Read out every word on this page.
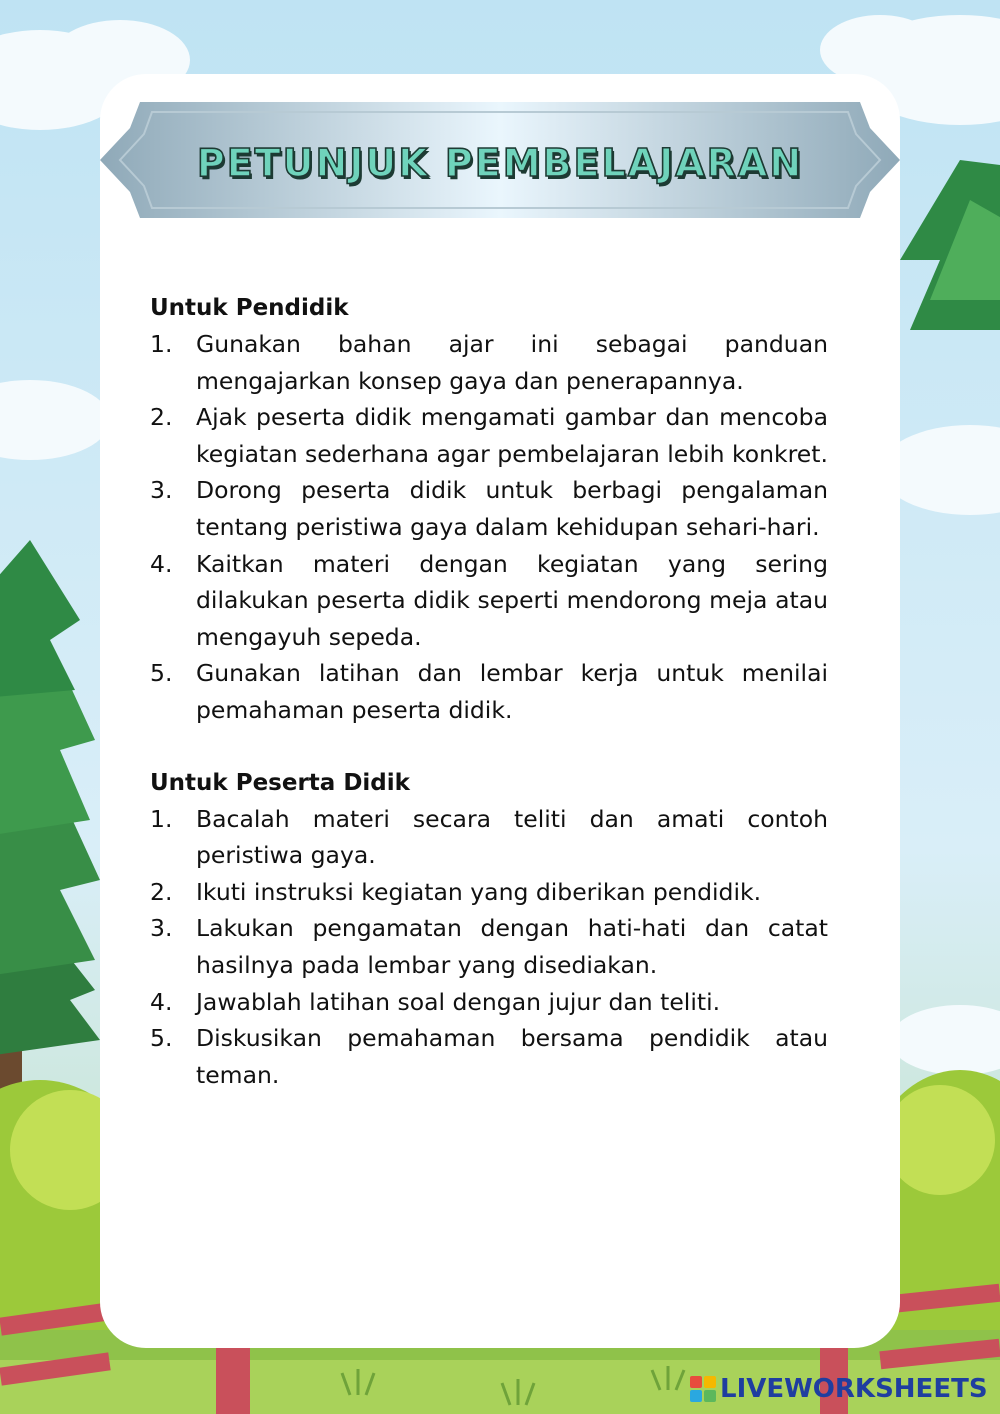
PETUNJUK PEMBELAJARAN

Untuk Pendidik

1.	Gunakan bahan ajar ini sebagai panduan mengajarkan konsep gaya dan penerapannya.
2.	Ajak peserta didik mengamati gambar dan mencoba kegiatan sederhana agar pembelajaran lebih konkret.
3.	Dorong peserta didik untuk berbagi pengalaman tentang peristiwa gaya dalam kehidupan sehari-hari.
4.	Kaitkan materi dengan kegiatan yang sering dilakukan peserta didik seperti mendorong meja atau mengayuh sepeda.
5.	Gunakan latihan dan lembar kerja untuk menilai pemahaman peserta didik.

Untuk Peserta Didik

1.	Bacalah materi secara teliti dan amati contoh peristiwa gaya.
2.	Ikuti instruksi kegiatan yang diberikan pendidik.
3.	Lakukan pengamatan dengan hati-hati dan catat hasilnya pada lembar yang disediakan.
4.	Jawablah latihan soal dengan jujur dan teliti.
5.	Diskusikan pemahaman bersama pendidik atau teman.
LIVEWORKSHEETS
